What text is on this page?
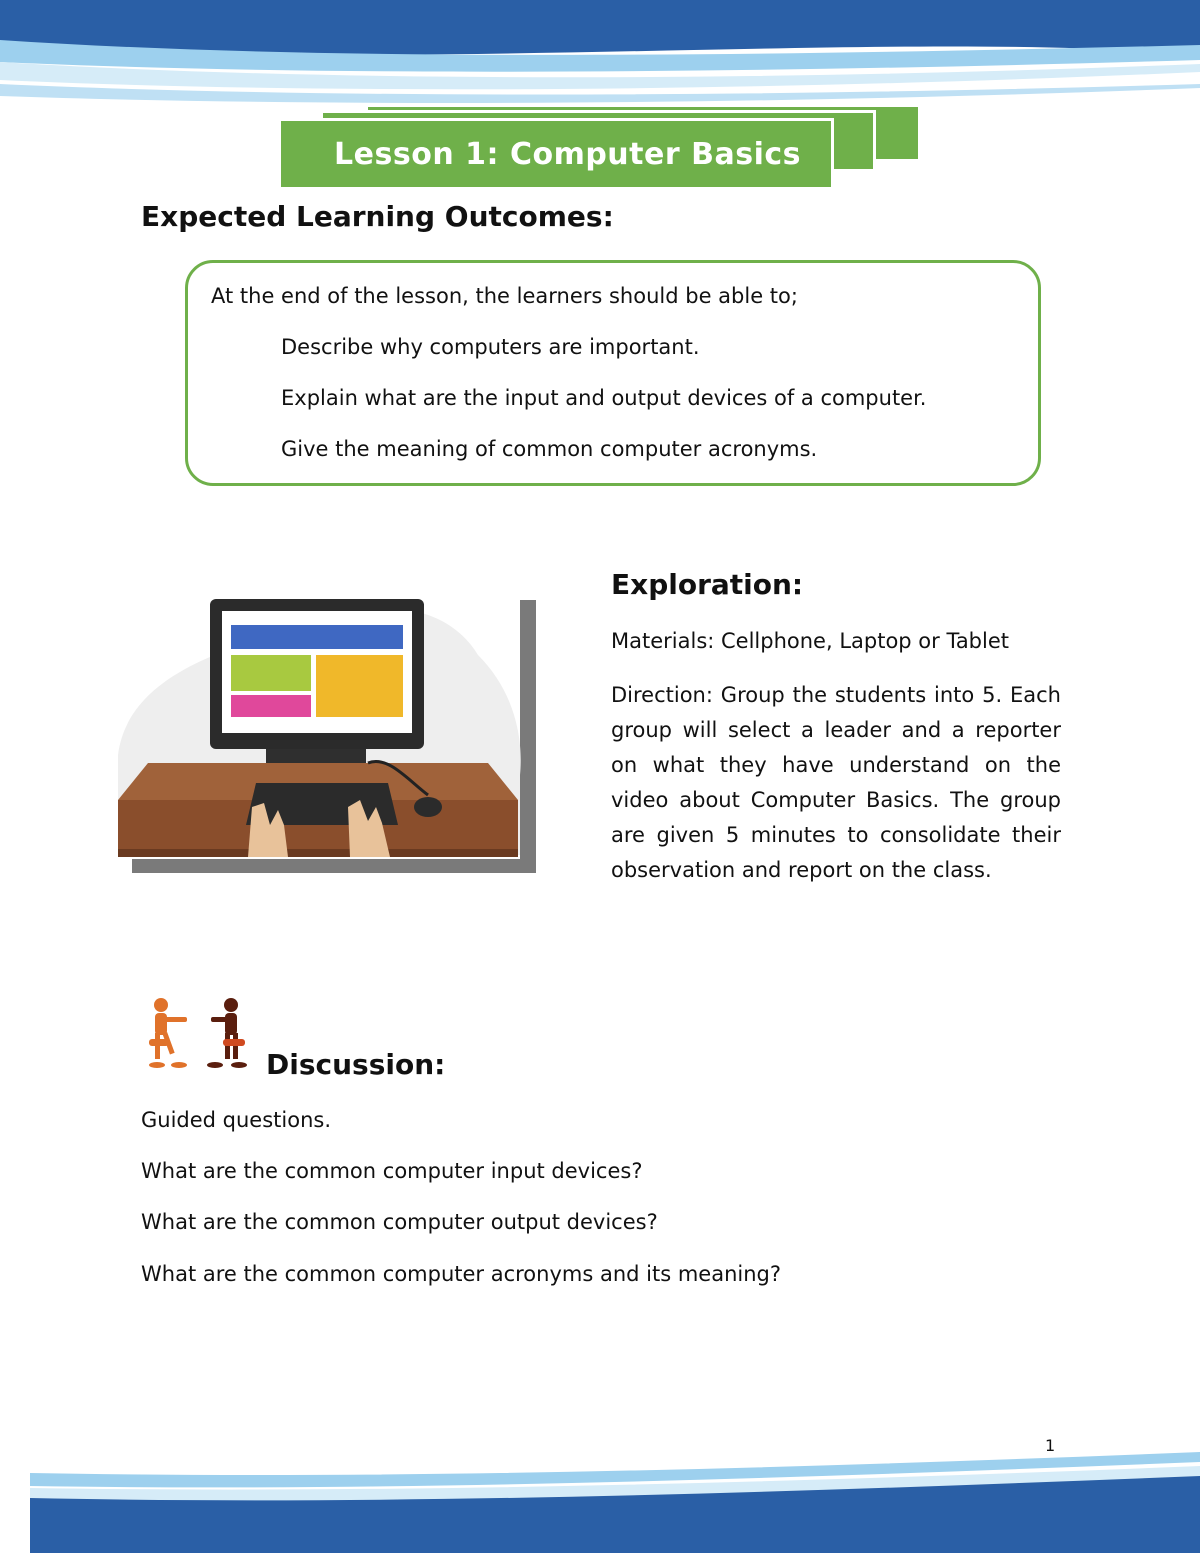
Lesson 1: Computer Basics
Expected Learning Outcomes:
At the end of the lesson, the learners should be able to;
Describe why computers are important.
Explain what are the input and output devices of a computer.
Give the meaning of common computer acronyms.
Exploration:
Materials: Cellphone, Laptop or Tablet
Direction: Group the students into 5. Each group will select a leader and a reporter on what they have understand on the video about Computer Basics. The group are given 5 minutes to consolidate their observation and report on the class.
Discussion:
Guided questions.
What are the common computer input devices?
What are the common computer output devices?
What are the common computer acronyms and its meaning?
1
